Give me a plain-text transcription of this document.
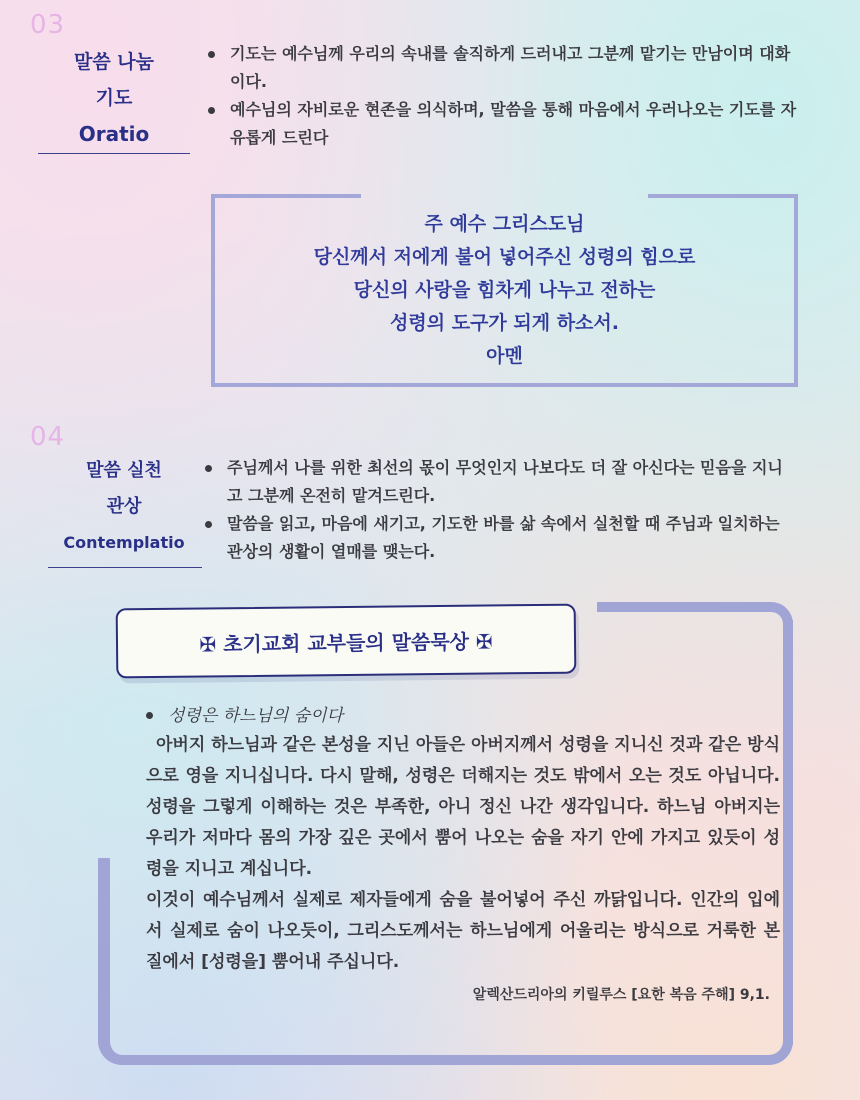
03
말씀 나눔
기도
Oratio
기도는 예수님께 우리의 속내를 솔직하게 드러내고 그분께 맡기는 만남이며 대화이다.
예수님의 자비로운 현존을 의식하며, 말씀을 통해 마음에서 우러나오는 기도를 자유롭게 드린다
주 예수 그리스도님
당신께서 저에게 불어 넣어주신 성령의 힘으로
당신의 사랑을 힘차게 나누고 전하는
성령의 도구가 되게 하소서.
아멘
04
말씀 실천
관상
Contemplatio
주님께서 나를 위한 최선의 몫이 무엇인지 나보다도 더 잘 아신다는 믿음을 지니고 그분께 온전히 맡겨드린다.
말씀을 읽고, 마음에 새기고, 기도한 바를 삶 속에서 실천할 때 주님과 일치하는 관상의 생활이 열매를 맺는다.
✠ 초기교회 교부들의 말씀묵상 ✠
성령은 하느님의 숨이다

아버지 하느님과 같은 본성을 지닌 아들은 아버지께서 성령을 지니신 것과 같은 방식으로 영을 지니십니다. 다시 말해, 성령은 더해지는 것도 밖에서 오는 것도 아닙니다. 성령을 그렇게 이해하는 것은 부족한, 아니 정신 나간 생각입니다. 하느님 아버지는 우리가 저마다 몸의 가장 깊은 곳에서 뿜어 나오는 숨을 자기 안에 가지고 있듯이 성령을 지니고 계십니다.

이것이 예수님께서 실제로 제자들에게 숨을 불어넣어 주신 까닭입니다. 인간의 입에서 실제로 숨이 나오듯이, 그리스도께서는 하느님에게 어울리는 방식으로 거룩한 본질에서 [성령을] 뿜어내 주십니다.

알렉산드리아의 키릴루스 [요한 복음 주해] 9,1.
